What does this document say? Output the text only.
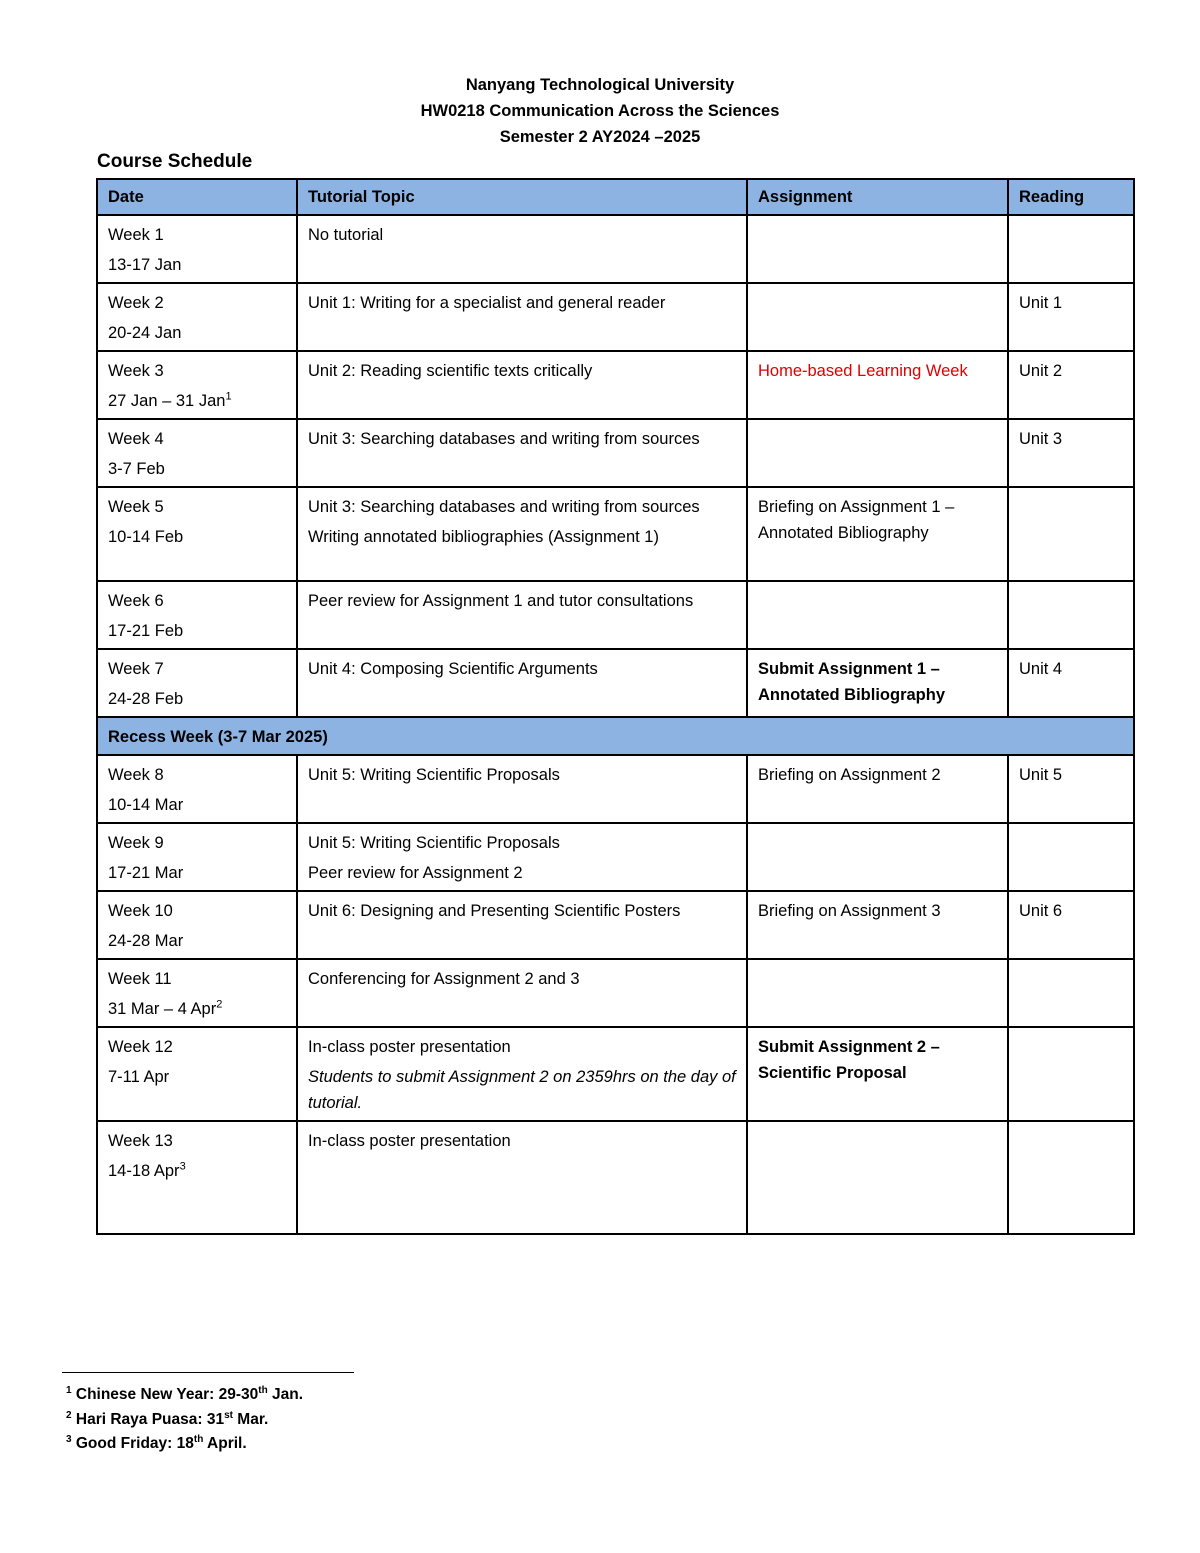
Nanyang Technological University
HW0218 Communication Across the Sciences
Semester 2 AY2024 –2025
Course Schedule
Date	Tutorial Topic	Assignment	Reading

Week 1
13-17 Jan	No tutorial		

Week 2
20-24 Jan	Unit 1: Writing for a specialist and general reader		Unit 1

Week 3
27 Jan – 31 Jan$^1$	Unit 2: Reading scientific texts critically	Home-based Learning Week	Unit 2

Week 4
3-7 Feb	Unit 3: Searching databases and writing from sources		Unit 3

Week 5
10-14 Feb	Unit 3: Searching databases and writing from sources
Writing annotated bibliographies (Assignment 1)	Briefing on Assignment 1 – Annotated Bibliography	

Week 6
17-21 Feb	Peer review for Assignment 1 and tutor consultations		

Week 7
24-28 Feb	Unit 4: Composing Scientific Arguments	Submit Assignment 1 – Annotated Bibliography	Unit 4
Recess Week (3-7 Mar 2025)			

Week 8
10-14 Mar	Unit 5: Writing Scientific Proposals	Briefing on Assignment 2	Unit 5

Week 9
17-21 Mar	Unit 5: Writing Scientific Proposals
Peer review for Assignment 2		

Week 10
24-28 Mar	Unit 6: Designing and Presenting Scientific Posters	Briefing on Assignment 3	Unit 6

Week 11
31 Mar – 4 Apr$^2$	Conferencing for Assignment 2 and 3		

Week 12
7-11 Apr	In-class poster presentation
Students to submit Assignment 2 on 2359hrs on the day of tutorial.	Submit Assignment 2 – Scientific Proposal	

Week 13
14-18 Apr$^3$	In-class poster presentation		
$^1$ Chinese New Year: 29-30th Jan.
$^2$ Hari Raya Puasa: 31st Mar.
$^3$ Good Friday: 18th April.
